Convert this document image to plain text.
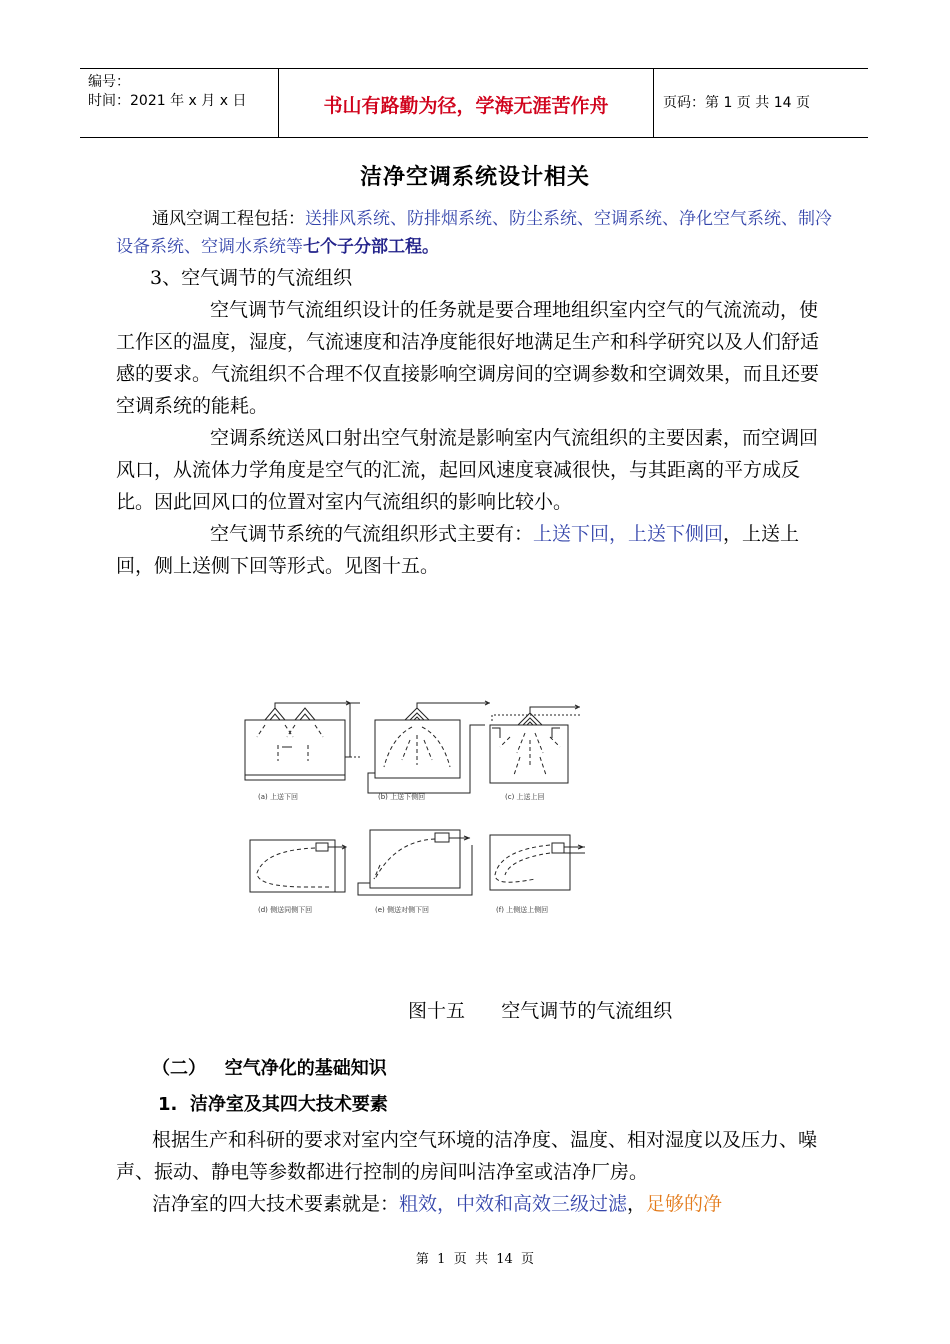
编号：
时间：2021 年 x 月 x 日	书山有路勤为径，学海无涯苦作舟	页码：第 1 页 共 14 页
洁净空调系统设计相关

通风空调工程包括：送排风系统、防排烟系统、防尘系统、空调系统、净化空气系统、制冷设备系统、空调水系统等七个子分部工程。

3、空气调节的气流组织

空气调节气流组织设计的任务就是要合理地组织室内空气的气流流动，使工作区的温度，湿度，气流速度和洁净度能很好地满足生产和科学研究以及人们舒适感的要求。气流组织不合理不仅直接影响空调房间的空调参数和空调效果，而且还要空调系统的能耗。

空调系统送风口射出空气射流是影响室内气流组织的主要因素，而空调回风口，从流体力学角度是空气的汇流，起回风速度衰减很快，与其距离的平方成反比。因此回风口的位置对室内气流组织的影响比较小。

空气调节系统的气流组织形式主要有：上送下回，上送下侧回，上送上回，侧上送侧下回等形式。见图十五。

(a) 上送下回	(b) 上送下侧回	(c) 上送上回
(d) 侧送同侧下回	(e) 侧送对侧下回	(f) 上侧送上侧回
图十五      空气调节的气流组织
（二）   空气净化的基础知识
1.  洁净室及其四大技术要素

根据生产和科研的要求对室内空气环境的洁净度、温度、相对湿度以及压力、噪声、振动、静电等参数都进行控制的房间叫洁净室或洁净厂房。

洁净室的四大技术要素就是：粗效，中效和高效三级过滤，足够的净

第  1  页  共  14  页
